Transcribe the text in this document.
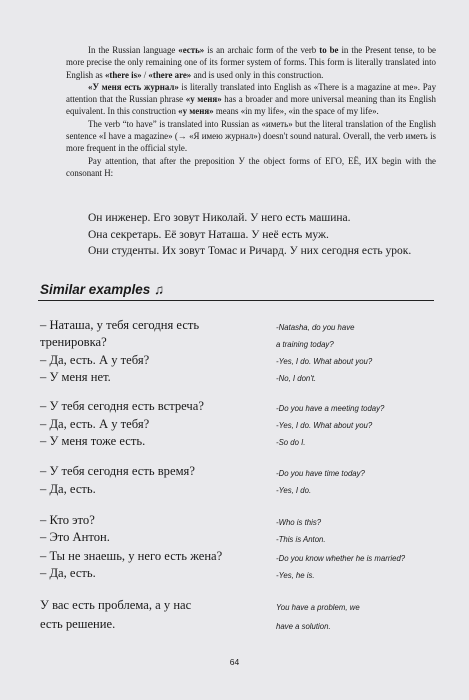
In the Russian language «есть» is an archaic form of the verb to be in the Present tense, to be more precise the only remaining one of its former system of forms. This form is literally translated into English as «there is» / «there are» and is used only in this construction.

«У меня есть журнал» is literally translated into English as «There is a magazine at me». Pay attention that the Russian phrase «у меня» has a broader and more universal meaning than its English equivalent. In this construction «у меня» means «in my life», «in the space of my life».

The verb “to have” is translated into Russian as «иметь» but the literal translation of the English sentence «I have a magazine» (→ «Я имею журнал») doesn't sound natural. Overall, the verb иметь is more frequent in the official style.

Pay attention, that after the preposition У the object forms of ЕГО, ЕЁ, ИХ begin with the consonant Н:

Он инженер. Его зовут Николай. У него есть машина.
Она секретарь. Её зовут Наташа. У неё есть муж.
Они студенты. Их зовут Томас и Ричард. У них сегодня есть урок.
Similar examples ♫
– Наташа, у тебя сегодня есть	-Natasha, do you have
тренировка?	a training today?
– Да, есть. А у тебя?	-Yes, I do. What about you?
– У меня нет.	-No, I don't.
– У тебя сегодня есть встреча?	-Do you have a meeting today?
– Да, есть. А у тебя?	-Yes, I do. What about you?
– У меня тоже есть.	-So do I.
– У тебя сегодня есть время?	-Do you have time today?
– Да, есть.	-Yes, I do.
– Кто это?	-Who is this?
– Это Антон.	-This is Anton.
– Ты не знаешь, у него есть жена?	-Do you know whether he is married?
– Да, есть.	-Yes, he is.
У вас есть проблема, а у нас	You have a problem, we
есть решение.	have a solution.
64
